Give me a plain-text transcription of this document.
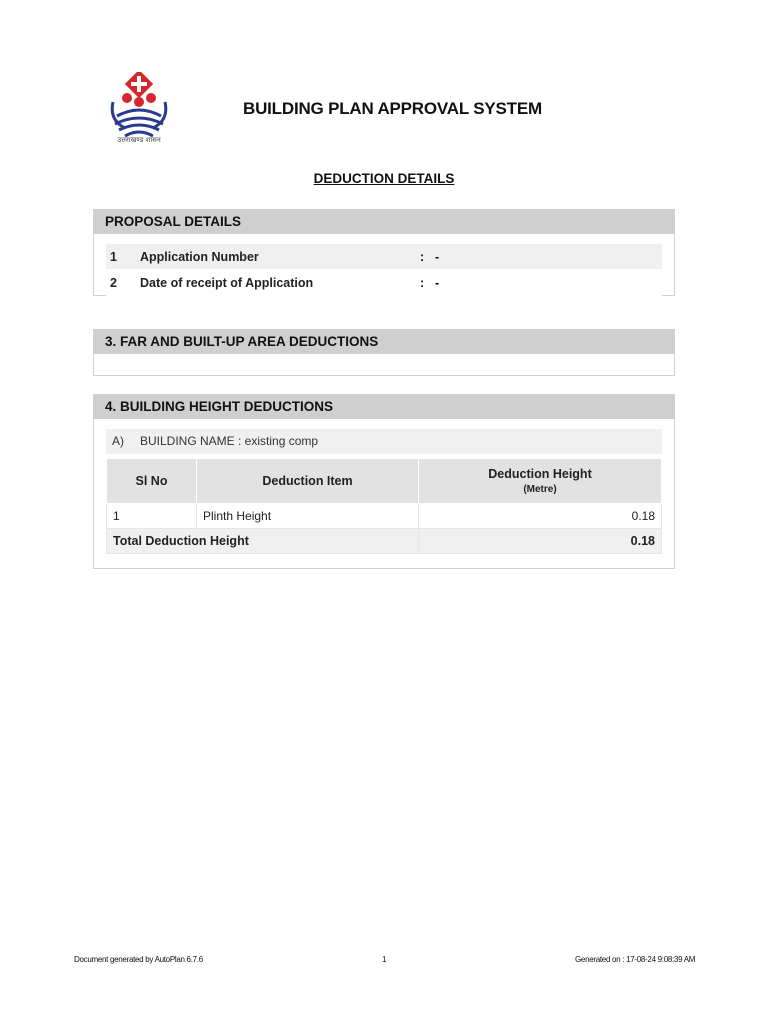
उत्तराखण्ड शासन
BUILDING PLAN APPROVAL SYSTEM
DEDUCTION DETAILS
PROPOSAL DETAILS
1	Application Number	: -
2	Date of receipt of Application	: -
3. FAR AND BUILT-UP AREA DEDUCTIONS
4. BUILDING HEIGHT DEDUCTIONS
A) BUILDING NAME : existing comp
Sl No	Deduction Item	Deduction Height
(Metre)

1	Plinth Height	0.18
Total Deduction Height		0.18
Document generated by AutoPlan 6.7.6	1	Generated on : 17-08-24 9:08:39 AM
